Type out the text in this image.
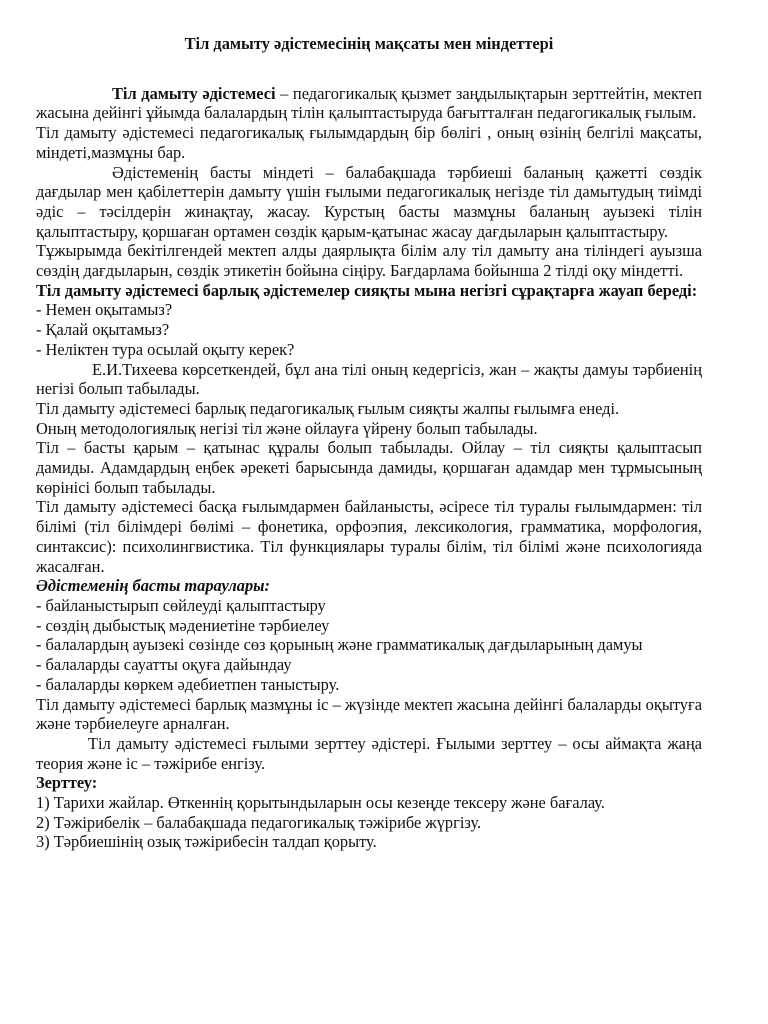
Тіл дамыту әдістемесінің мақсаты мен міндеттері

Тіл дамыту әдістемесі – педагогикалық қызмет заңдылықтарын зерттейтін, мектеп жасына дейінгі ұйымда балалардың тілін қалыптастыруда бағытталған педагогикалық ғылым.

Тіл дамыту әдістемесі педагогикалық ғылымдардың бір бөлігі , оның өзінің белгілі мақсаты, міндеті,мазмұны бар.

Әдістеменің басты міндеті – балабақшада тәрбиеші баланың қажетті сөздік дағдылар мен қабілеттерін дамыту үшін ғылыми педагогикалық негізде тіл дамытудың тиімді әдіс – тәсілдерін жинақтау, жасау. Курстың басты мазмұны баланың ауызекі тілін қалыптастыру, қоршаған ортамен сөздік қарым-қатынас жасау дағдыларын қалыптастыру.

Тұжырымда бекітілгендей мектеп алды даярлықта білім алу тіл дамыту ана тіліндегі ауызша сөздің дағдыларын, сөздік этикетін бойына сіңіру. Бағдарлама бойынша 2 тілді оқу міндетті.

Тіл дамыту әдістемесі барлық әдістемелер сияқты мына негізгі сұрақтарға жауап береді:

- Немен оқытамыз?

- Қалай оқытамыз?

- Неліктен тура осылай оқыту керек?

Е.И.Тихеева көрсеткендей, бұл ана тілі оның кедергісіз, жан – жақты дамуы тәрбиенің негізі болып табылады.

Тіл дамыту әдістемесі барлық педагогикалық ғылым сияқты жалпы ғылымға енеді.

Оның методологиялық негізі тіл және ойлауға үйрену болып табылады.

Тіл – басты қарым – қатынас құралы болып табылады. Ойлау – тіл сияқты қалыптасып дамиды. Адамдардың еңбек әрекеті барысында дамиды, қоршаған адамдар мен тұрмысының көрінісі болып табылады.

Тіл дамыту әдістемесі басқа ғылымдармен байланысты, әсіресе тіл туралы ғылымдармен: тіл білімі (тіл білімдері бөлімі – фонетика, орфоэпия, лексикология, грамматика, морфология, синтаксис): психолингвистика. Тіл функциялары туралы білім, тіл білімі және психологияда жасалған.

Әдістеменің басты тараулары:

- байланыстырып сөйлеуді қалыптастыру

- сөздің дыбыстық мәдениетіне тәрбиелеу

- балалардың ауызекі сөзінде сөз қорының және грамматикалық дағдыларының дамуы

- балаларды сауатты оқуға дайындау

- балаларды көркем әдебиетпен таныстыру.

Тіл дамыту әдістемесі барлық мазмұны іс – жүзінде мектеп жасына дейінгі балаларды оқытуға және тәрбиелеуге арналған.

Тіл дамыту әдістемесі ғылыми зерттеу әдістері. Ғылыми зерттеу – осы аймақта жаңа теория және іс – тәжірибе енгізу.

Зерттеу:

1) Тарихи жайлар. Өткеннің қорытындыларын осы кезеңде тексеру және бағалау.

2) Тәжірибелік – балабақшада педагогикалық тәжірибе жүргізу.

3) Тәрбиешінің озық тәжірибесін талдап қорыту.
